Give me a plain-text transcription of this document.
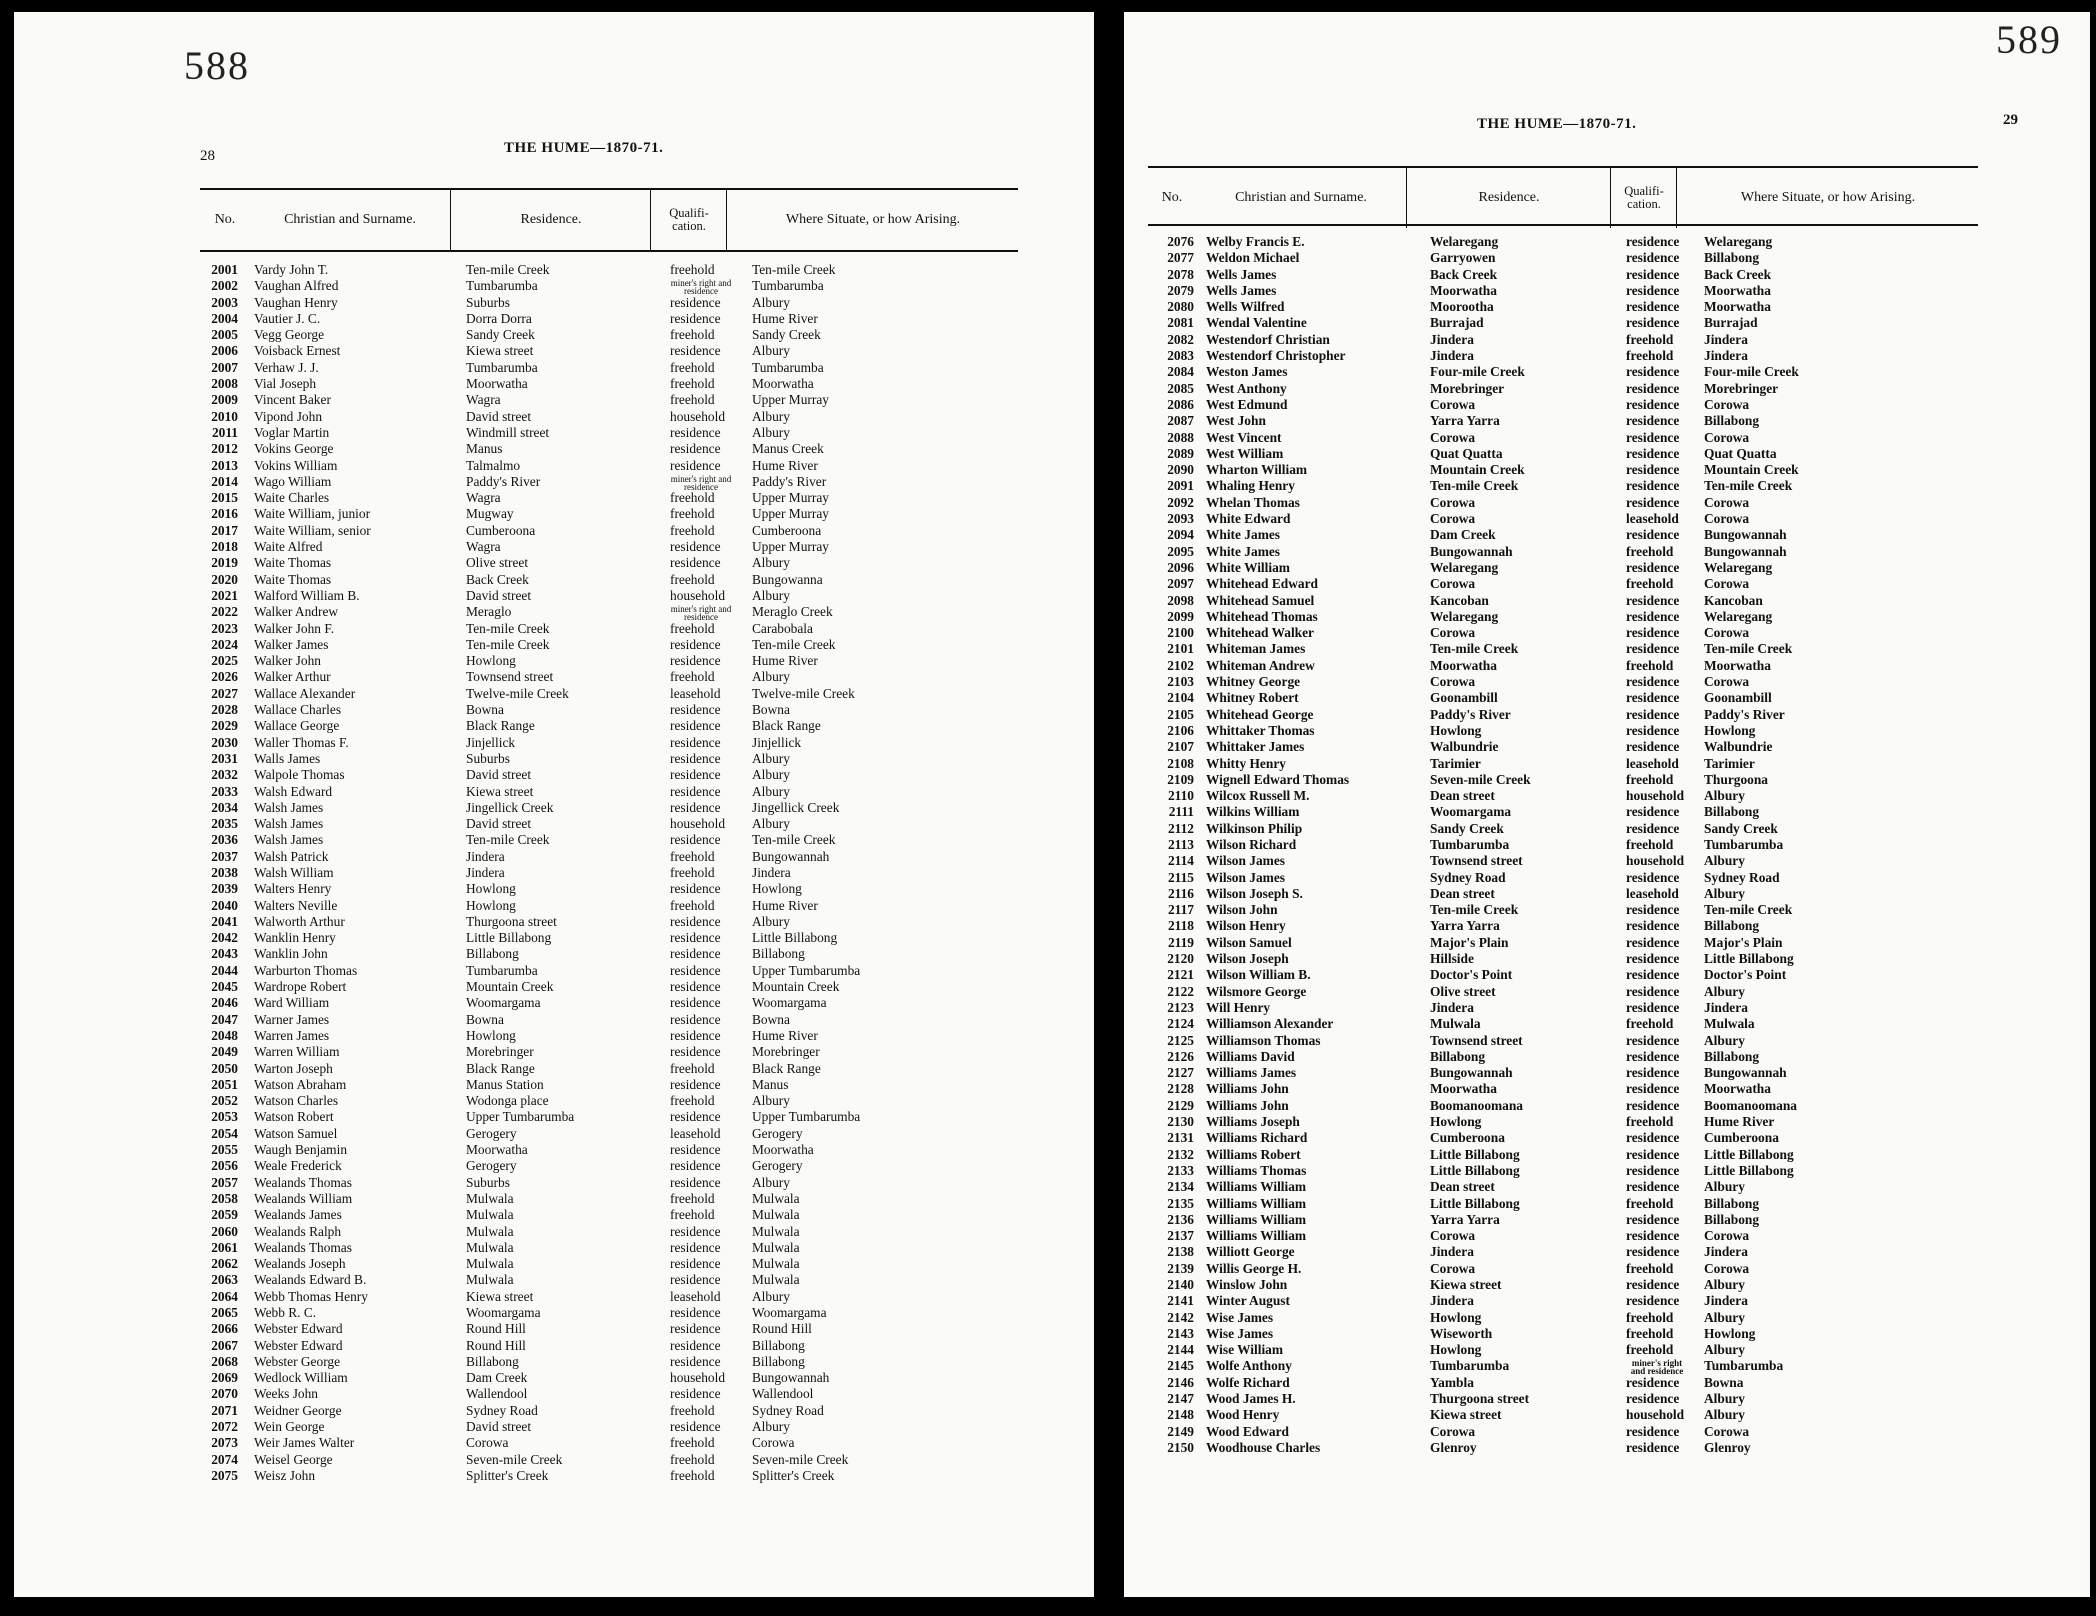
588
28	THE HUME—1870-71.
No.	Christian and Surname.	Residence.	Qualifi- cation.	Where Situate, or how Arising.
2001 Vardy John T.	Ten-mile Creek	freehold	Ten-mile Creek
2002 Vaughan Alfred	Tumbarumba	miner's right and residence	Tumbarumba
2003 Vaughan Henry	Suburbs	residence Albury
2004 Vautier J. C.	Dorra Dorra	residence Hume River
2005 Vegg George	Sandy Creek	freehold	Sandy Creek
2006 Voisback Ernest	Kiewa street	residence Albury
2007 Verhaw J. J.	Tumbarumba	freehold	Tumbarumba
2008 Vial Joseph	Moorwatha	freehold	Moorwatha
2009 Vincent Baker	Wagra	freehold	Upper Murray
2010 Vipond John	David street	household Albury
2011 Voglar Martin	Windmill street	residence Albury
2012 Vokins George	Manus	residence Manus Creek
2013 Vokins William	Talmalmo	residence Hume River
2014 Wago William	Paddy's River	miner's right and residence	Paddy's River
2015 Waite Charles	Wagra	freehold	Upper Murray
2016 Waite William, junior	Mugway	freehold	Upper Murray
2017 Waite William, senior	Cumberoona	freehold	Cumberoona
2018 Waite Alfred	Wagra	residence Upper Murray
2019 Waite Thomas	Olive street	residence Albury
2020 Waite Thomas	Back Creek	freehold	Bungowanna
2021 Walford William B.	David street	household Albury
2022 Walker Andrew	Meraglo	miner's right and residence	Meraglo Creek
2023 Walker John F.	Ten-mile Creek	freehold	Carabobala
2024 Walker James	Ten-mile Creek	residence Ten-mile Creek
2025 Walker John	Howlong	residence Hume River
2026 Walker Arthur	Townsend street	freehold	Albury
2027 Wallace Alexander	Twelve-mile Creek	leasehold Twelve-mile Creek
2028 Wallace Charles	Bowna	residence Bowna
2029 Wallace George	Black Range	residence Black Range
2030 Waller Thomas F.	Jinjellick	residence Jinjellick
2031 Walls James	Suburbs	residence Albury
2032 Walpole Thomas	David street	residence Albury
2033 Walsh Edward	Kiewa street	residence Albury
2034 Walsh James	Jingellick Creek	residence Jingellick Creek
2035 Walsh James	David street	household Albury
2036 Walsh James	Ten-mile Creek	residence Ten-mile Creek
2037 Walsh Patrick	Jindera	freehold	Bungowannah
2038 Walsh William	Jindera	freehold	Jindera
2039 Walters Henry	Howlong	residence Howlong
2040 Walters Neville	Howlong	freehold	Hume River
2041 Walworth Arthur	Thurgoona street	residence Albury
2042 Wanklin Henry	Little Billabong	residence Little Billabong
2043 Wanklin John	Billabong	residence Billabong
2044 Warburton Thomas	Tumbarumba	residence Upper Tumbarumba
2045 Wardrope Robert	Mountain Creek	residence Mountain Creek
2046 Ward William	Woomargama	residence Woomargama
2047 Warner James	Bowna	residence Bowna
2048 Warren James	Howlong	residence Hume River
2049 Warren William	Morebringer	residence Morebringer
2050 Warton Joseph	Black Range	freehold	Black Range
2051 Watson Abraham	Manus Station	residence Manus
2052 Watson Charles	Wodonga place	freehold	Albury
2053 Watson Robert	Upper Tumbarumba	residence Upper Tumbarumba
2054 Watson Samuel	Gerogery	leasehold Gerogery
2055 Waugh Benjamin	Moorwatha	residence Moorwatha
2056 Weale Frederick	Gerogery	residence Gerogery
2057 Wealands Thomas	Suburbs	residence Albury
2058 Wealands William	Mulwala	freehold	Mulwala
2059 Wealands James	Mulwala	freehold	Mulwala
2060 Wealands Ralph	Mulwala	residence Mulwala
2061 Wealands Thomas	Mulwala	residence Mulwala
2062 Wealands Joseph	Mulwala	residence Mulwala
2063 Wealands Edward B.	Mulwala	residence Mulwala
2064 Webb Thomas Henry	Kiewa street	leasehold Albury
2065 Webb R. C.	Woomargama	residence Woomargama
2066 Webster Edward	Round Hill	residence Round Hill
2067 Webster Edward	Round Hill	residence Billabong
2068 Webster George	Billabong	residence Billabong
2069 Wedlock William	Dam Creek	household Bungowannah
2070 Weeks John	Wallendool	residence Wallendool
2071 Weidner George	Sydney Road	freehold	Sydney Road
2072 Wein George	David street	residence Albury
2073 Weir James Walter	Corowa	freehold	Corowa
2074 Weisel George	Seven-mile Creek	freehold	Seven-mile Creek
2075 Weisz John	Splitter's Creek	freehold	Splitter's Creek
589
29
THE HUME—1870-71.
No.	Christian and Surname.	Residence.	Qualifi- cation.	Where Situate, or how Arising.
2076 Welby Francis E.	Welaregang	residence Welaregang
2077 Weldon Michael	Garryowen	residence Billabong
2078 Wells James	Back Creek	residence Back Creek
2079 Wells James	Moorwatha	residence Moorwatha
2080 Wells Wilfred	Moorootha	residence Moorwatha
2081 Wendal Valentine	Burrajad	residence Burrajad
2082 Westendorf Christian	Jindera	freehold Jindera
2083 Westendorf Christopher	Jindera	freehold Jindera
2084 Weston James	Four-mile Creek	residence Four-mile Creek
2085 West Anthony	Morebringer	residence Morebringer
2086 West Edmund	Corowa	residence Corowa
2087 West John	Yarra Yarra	residence Billabong
2088 West Vincent	Corowa	residence Corowa
2089 West William	Quat Quatta	residence Quat Quatta
2090 Wharton William	Mountain Creek	residence Mountain Creek
2091 Whaling Henry	Ten-mile Creek	residence Ten-mile Creek
2092 Whelan Thomas	Corowa	residence Corowa
2093 White Edward	Corowa	leasehold Corowa
2094 White James	Dam Creek	residence Bungowannah
2095 White James	Bungowannah	freehold Bungowannah
2096 White William	Welaregang	residence Welaregang
2097 Whitehead Edward	Corowa	freehold Corowa
2098 Whitehead Samuel	Kancoban	residence Kancoban
2099 Whitehead Thomas	Welaregang	residence Welaregang
2100 Whitehead Walker	Corowa	residence Corowa
2101 Whiteman James	Ten-mile Creek	residence Ten-mile Creek
2102 Whiteman Andrew	Moorwatha	freehold Moorwatha
2103 Whitney George	Corowa	residence Corowa
2104 Whitney Robert	Goonambill	residence Goonambill
2105 Whitehead George	Paddy's River	residence Paddy's River
2106 Whittaker Thomas	Howlong	residence Howlong
2107 Whittaker James	Walbundrie	residence Walbundrie
2108 Whitty Henry	Tarimier	leasehold Tarimier
2109 Wignell Edward Thomas	Seven-mile Creek	freehold Thurgoona
2110 Wilcox Russell M.	Dean street	household Albury
2111 Wilkins William	Woomargama	residence Billabong
2112 Wilkinson Philip	Sandy Creek	residence Sandy Creek
2113 Wilson Richard	Tumbarumba	freehold Tumbarumba
2114 Wilson James	Townsend street	household Albury
2115 Wilson James	Sydney Road	residence Sydney Road
2116 Wilson Joseph S.	Dean street	leasehold Albury
2117 Wilson John	Ten-mile Creek	residence Ten-mile Creek
2118 Wilson Henry	Yarra Yarra	residence Billabong
2119 Wilson Samuel	Major's Plain	residence Major's Plain
2120 Wilson Joseph	Hillside	residence Little Billabong
2121 Wilson William B.	Doctor's Point	residence Doctor's Point
2122 Wilsmore George	Olive street	residence Albury
2123 Will Henry	Jindera	residence Jindera
2124 Williamson Alexander	Mulwala	freehold Mulwala
2125 Williamson Thomas	Townsend street	residence Albury
2126 Williams David	Billabong	residence Billabong
2127 Williams James	Bungowannah	residence Bungowannah
2128 Williams John	Moorwatha	residence Moorwatha
2129 Williams John	Boomanoomana	residence Boomanoomana
2130 Williams Joseph	Howlong	freehold Hume River
2131 Williams Richard	Cumberoona	residence Cumberoona
2132 Williams Robert	Little Billabong	residence Little Billabong
2133 Williams Thomas	Little Billabong	residence Little Billabong
2134 Williams William	Dean street	residence Albury
2135 Williams William	Little Billabong	freehold Billabong
2136 Williams William	Yarra Yarra	residence Billabong
2137 Williams William	Corowa	residence Corowa
2138 Williott George	Jindera	residence Jindera
2139 Willis George H.	Corowa	freehold Corowa
2140 Winslow John	Kiewa street	residence Albury
2141 Winter August	Jindera	residence Jindera
2142 Wise James	Howlong	freehold Albury
2143 Wise James	Wiseworth	freehold Howlong
2144 Wise William	Howlong	freehold Albury
2145 Wolfe Anthony	Tumbarumba	miner's right and residence	Tumbarumba
2146 Wolfe Richard	Yambla	residence Bowna
2147 Wood James H.	Thurgoona street	residence Albury
2148 Wood Henry	Kiewa street	household Albury
2149 Wood Edward	Corowa	residence Corowa
2150 Woodhouse Charles	Glenroy	residence Glenroy
